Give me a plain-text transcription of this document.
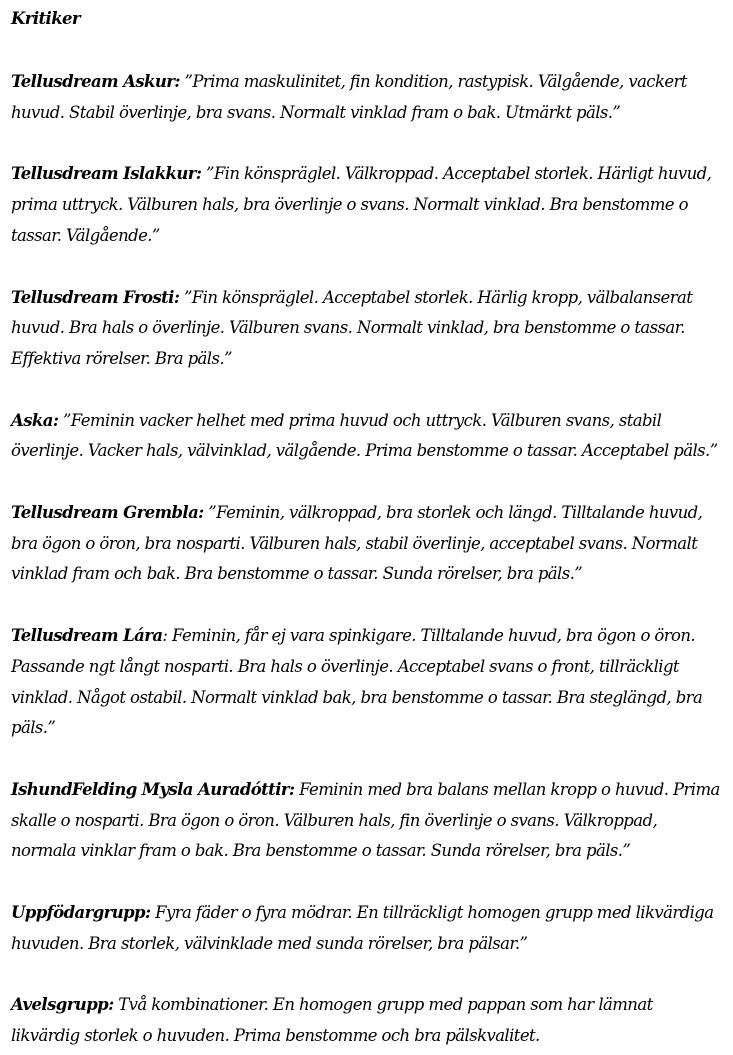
Kritiker

Tellusdream Askur: ”Prima maskulinitet, fin kondition, rastypisk. Välgående, vackert huvud. Stabil överlinje, bra svans. Normalt vinklad fram o bak. Utmärkt päls.”

Tellusdream Islakkur: ”Fin könspräglel. Välkroppad. Acceptabel storlek. Härligt huvud, prima uttryck. Välburen hals, bra överlinje o svans. Normalt vinklad. Bra benstomme o tassar. Välgående.”

Tellusdream Frosti: ”Fin könspräglel. Acceptabel storlek. Härlig kropp, välbalanserat huvud. Bra hals o överlinje. Välburen svans. Normalt vinklad, bra benstomme o tassar. Effektiva rörelser. Bra päls.”

Aska: ”Feminin vacker helhet med prima huvud och uttryck. Välburen svans, stabil överlinje. Vacker hals, välvinklad, välgående. Prima benstomme o tassar. Acceptabel päls.”

Tellusdream Grembla: ”Feminin, välkroppad, bra storlek och längd. Tilltalande huvud, bra ögon o öron, bra nosparti. Välburen hals, stabil överlinje, acceptabel svans. Normalt vinklad fram och bak. Bra benstomme o tassar. Sunda rörelser, bra päls.”

Tellusdream Lára: Feminin, får ej vara spinkigare. Tilltalande huvud, bra ögon o öron. Passande ngt långt nosparti. Bra hals o överlinje. Acceptabel svans o front, tillräckligt vinklad. Något ostabil. Normalt vinklad bak, bra benstomme o tassar. Bra steglängd, bra päls.”

IshundFelding Mysla Auradóttir: Feminin med bra balans mellan kropp o huvud. Prima skalle o nosparti. Bra ögon o öron. Välburen hals, fin överlinje o svans. Välkroppad, normala vinklar fram o bak. Bra benstomme o tassar. Sunda rörelser, bra päls.”

Uppfödargrupp: Fyra fäder o fyra mödrar. En tillräckligt homogen grupp med likvärdiga huvuden. Bra storlek, välvinklade med sunda rörelser, bra pälsar.”

Avelsgrupp: Två kombinationer. En homogen grupp med pappan som har lämnat likvärdig storlek o huvuden. Prima benstomme och bra pälskvalitet.
